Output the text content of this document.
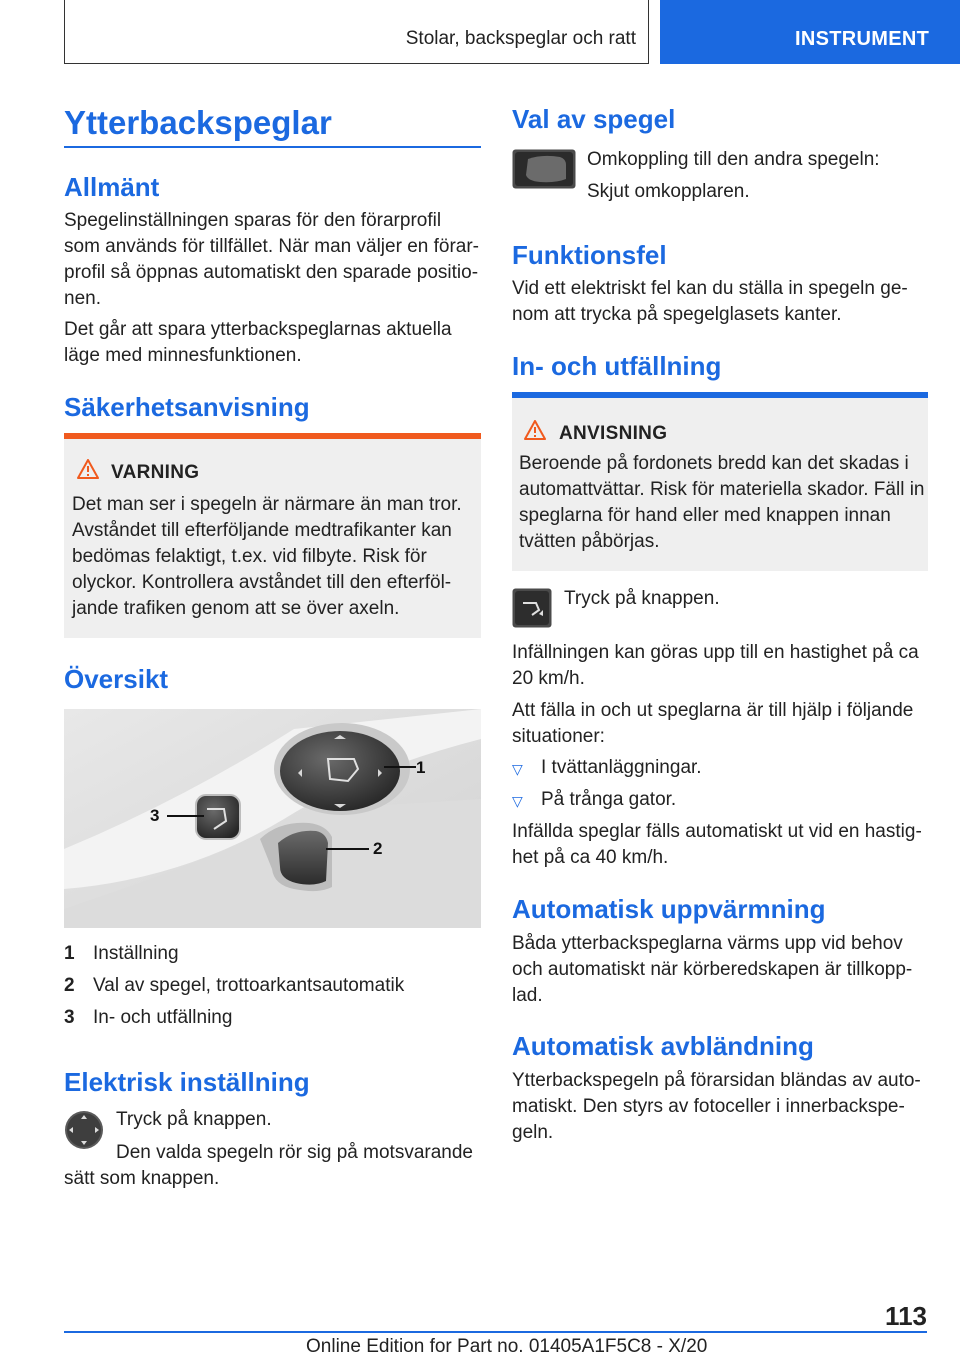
Stolar, backspeglar och ratt	INSTRUMENT
Ytterbackspeglar
Allmänt
Spegelinställningen sparas för den förarprofil
som används för tillfället. När man väljer en förar-
profil så öppnas automatiskt den sparade positio-
nen.
Det går att spara ytterbackspeglarnas aktuella
läge med minnesfunktionen.
Säkerhetsanvisning
VARNING
Det man ser i spegeln är närmare än man tror.
Avståndet till efterföljande medtrafikanter kan
bedömas felaktigt, t.ex. vid filbyte. Risk för
olyckor. Kontrollera avståndet till den efterföl-
jande trafiken genom att se över axeln.
Översikt
1
2
3
1 Inställning
2 Val av spegel, trottoarkantsautomatik
3 In- och utfällning
Elektrisk inställning
Tryck på knappen.
Den valda spegeln rör sig på motsvarande
sätt som knappen.
Val av spegel
Omkoppling till den andra spegeln:
Skjut omkopplaren.
Funktionsfel
Vid ett elektriskt fel kan du ställa in spegeln ge-
nom att trycka på spegelglasets kanter.
In- och utfällning
ANVISNING
Beroende på fordonets bredd kan det skadas i
automattvättar. Risk för materiella skador. Fäll in
speglarna för hand eller med knappen innan
tvätten påbörjas.
Tryck på knappen.
Infällningen kan göras upp till en hastighet på ca
20 km/h.
Att fälla in och ut speglarna är till hjälp i följande
situationer:
▽ I tvättanläggningar.
▽ På trånga gator.
Infällda speglar fälls automatiskt ut vid en hastig-
het på ca 40 km/h.
Automatisk uppvärmning
Båda ytterbackspeglarna värms upp vid behov
och automatiskt när körberedskapen är tillkopp-
lad.
Automatisk avbländning
Ytterbackspegeln på förarsidan bländas av auto-
matiskt. Den styrs av fotoceller i innerbackspe-
geln.
113
Online Edition for Part no. 01405A1F5C8 - X/20
